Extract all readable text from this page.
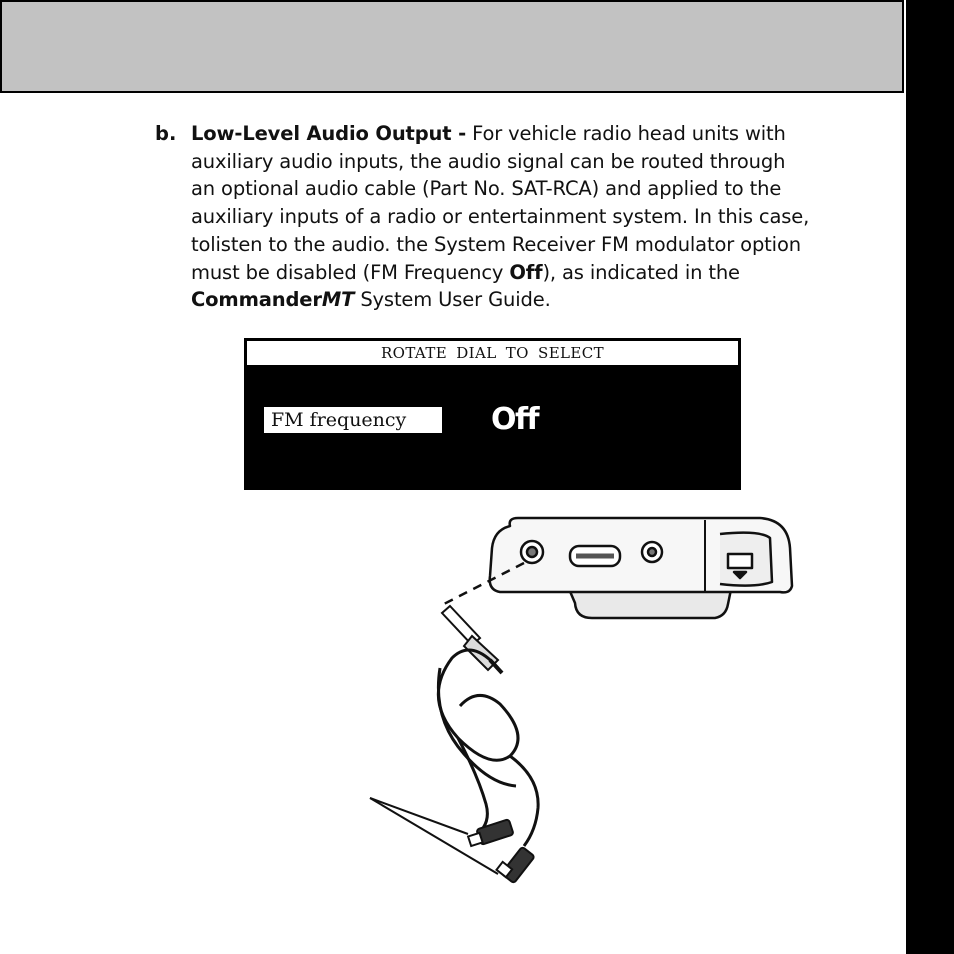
b. Low-Level Audio Output - For vehicle radio head units with
auxiliary audio inputs, the audio signal can be routed through
an optional audio cable (Part No. SAT-RCA) and applied to the
auxiliary inputs of a radio or entertainment system. In this case,
tolisten to the audio. the System Receiver FM modulator option
must be disabled (FM Frequency Off), as indicated in the
CommanderMT System User Guide.
ROTATE DIAL TO SELECT
FM frequency	Off
